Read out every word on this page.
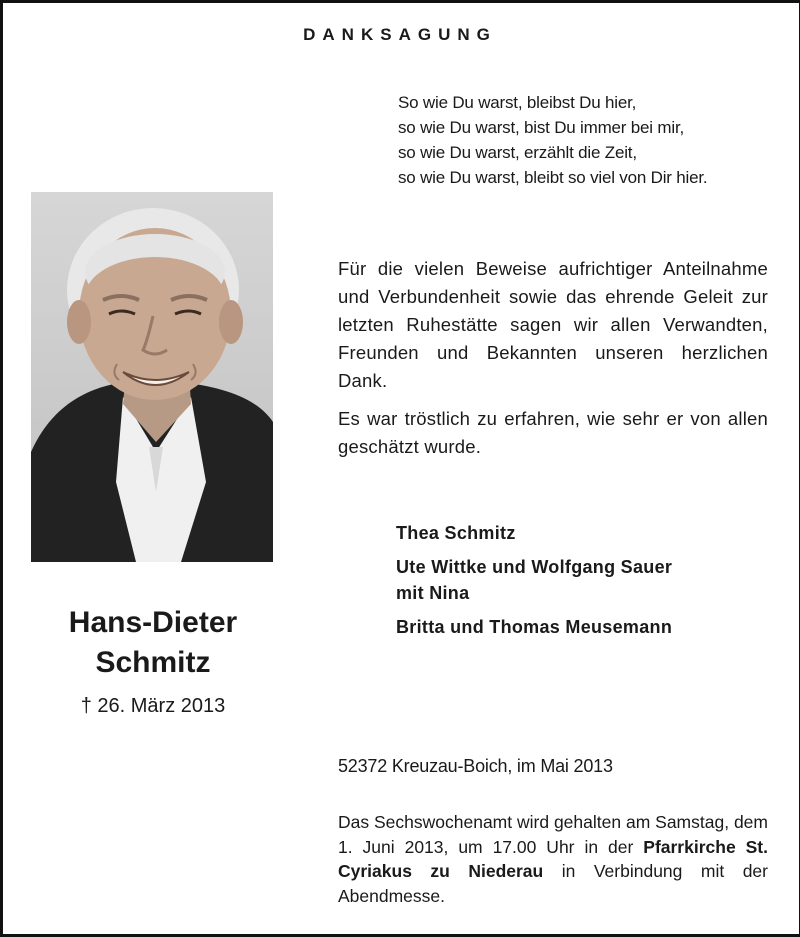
DANKSAGUNG
So wie Du warst, bleibst Du hier,
so wie Du warst, bist Du immer bei mir,
so wie Du warst, erzählt die Zeit,
so wie Du warst, bleibt so viel von Dir hier.
Hans-Dieter
Schmitz
† 26. März 2013
Für die vielen Beweise aufrichtiger Anteilnahme und Verbundenheit sowie das ehrende Geleit zur letzten Ruhestätte sagen wir allen Verwandten, Freunden und Bekannten unseren herzlichen Dank.
Es war tröstlich zu erfahren, wie sehr er von allen geschätzt wurde.
Thea Schmitz
Ute Wittke und Wolfgang Sauer
mit Nina
Britta und Thomas Meusemann
52372 Kreuzau-Boich, im Mai 2013
Das Sechswochenamt wird gehalten am Samstag, dem 1. Juni 2013, um 17.00 Uhr in der Pfarrkirche St. Cyriakus zu Niederau in Verbindung mit der Abendmesse.
